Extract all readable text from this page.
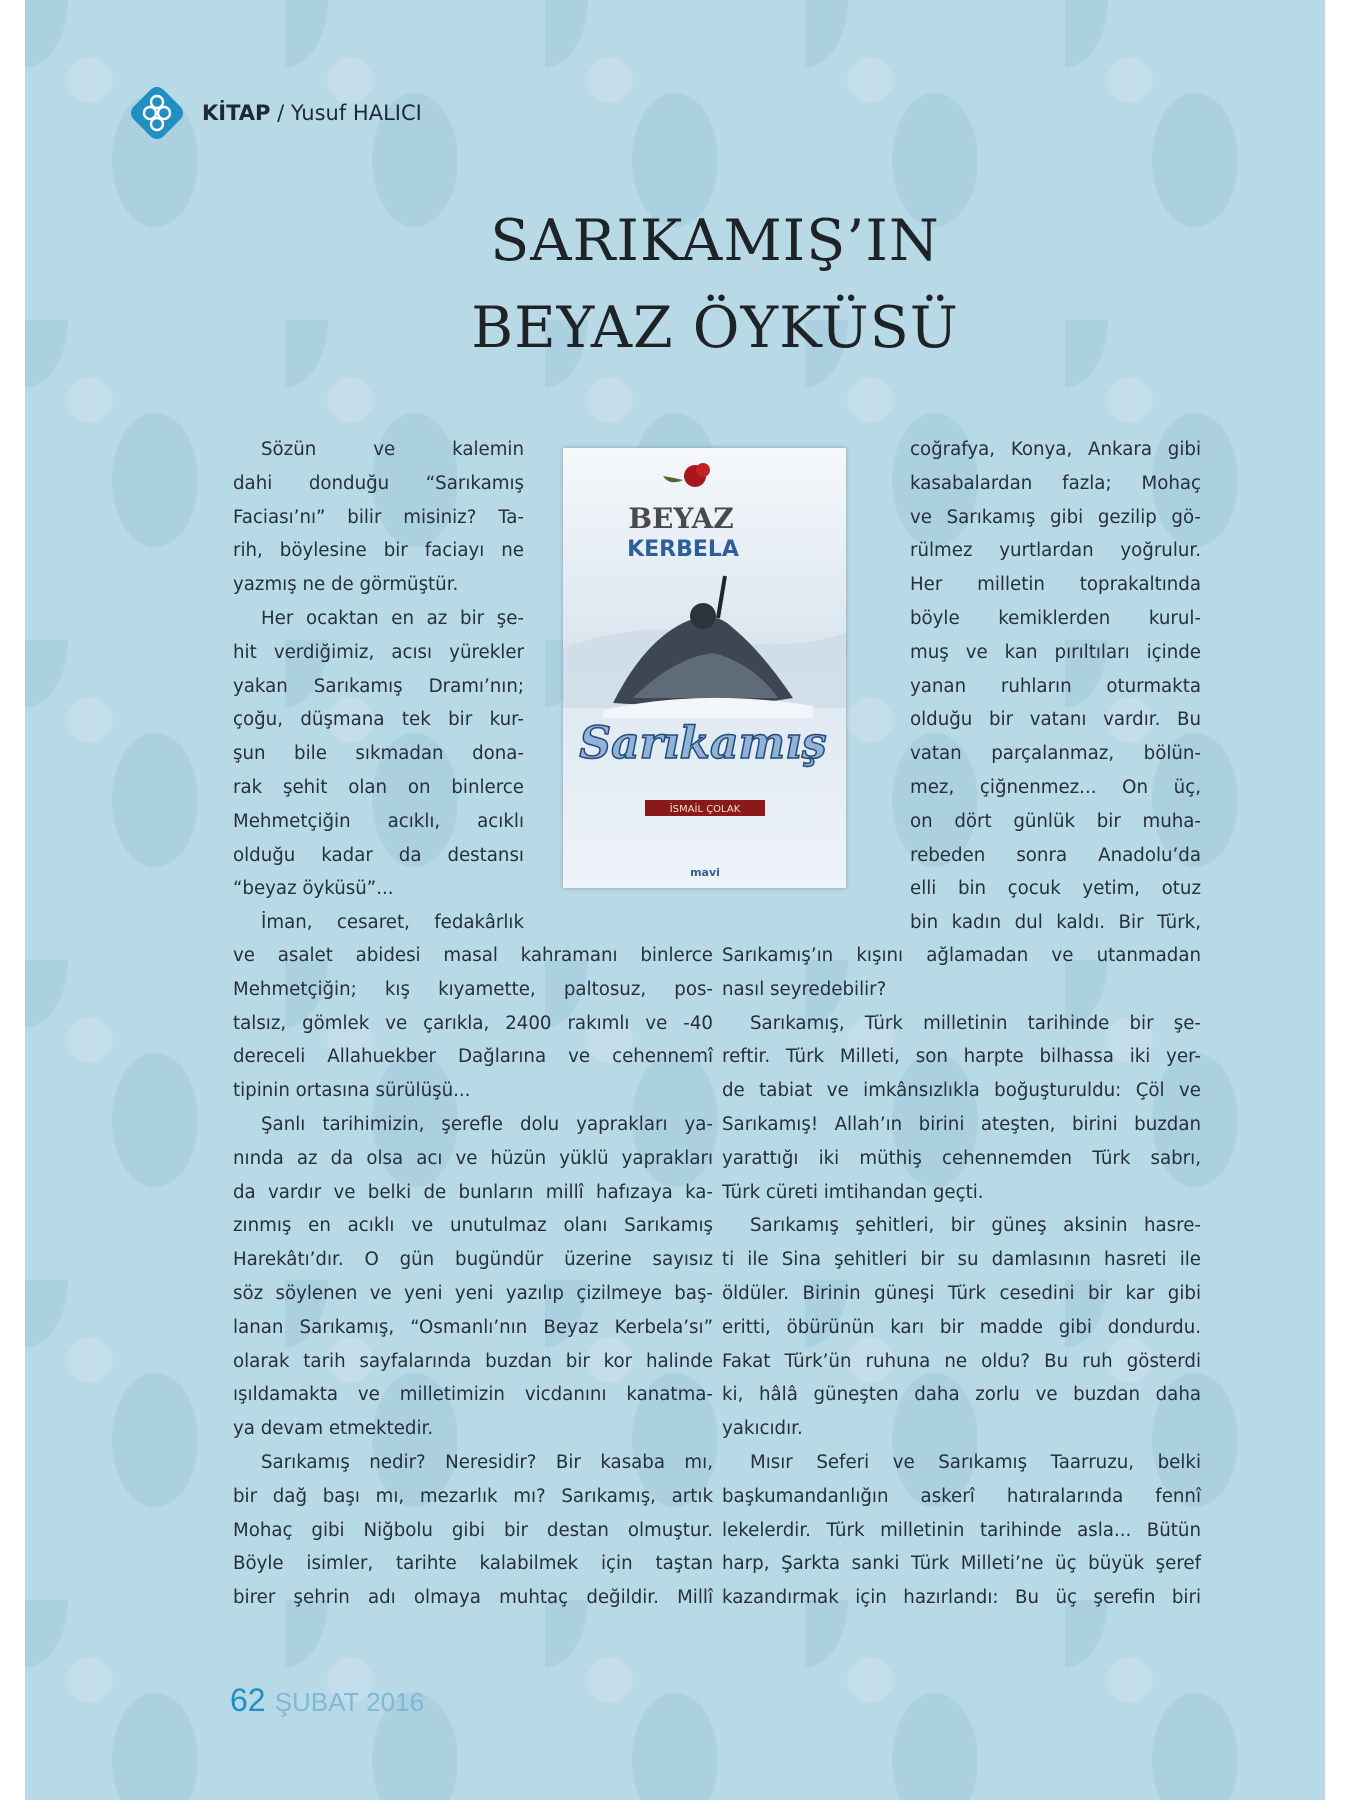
KİTAP / Yusuf HALICI
SARIKAMIŞ’IN
BEYAZ ÖYKÜSÜ
BEYAZ
KERBELA
Sarıkamış
İSMAİL ÇOLAK
mavi

Sözün ve kalemin

dahi donduğu “Sarıkamış

Faciası’nı” bilir misiniz? Ta-

rih, böylesine bir faciayı ne

yazmış ne de görmüştür.

Her ocaktan en az bir şe-

hit verdiğimiz, acısı yürekler

yakan Sarıkamış Dramı’nın;

çoğu, düşmana tek bir kur-

şun bile sıkmadan dona-

rak şehit olan on binlerce

Mehmetçiğin acıklı, acıklı

olduğu kadar da destansı

“beyaz öyküsü”...

İman, cesaret, fedakârlık

ve asalet abidesi masal kahramanı binlerce

Mehmetçiğin; kış kıyamette, paltosuz, pos-

talsız, gömlek ve çarıkla, 2400 rakımlı ve -40

dereceli Allahuekber Dağlarına ve cehennemî

tipinin ortasına sürülüşü...

Şanlı tarihimizin, şerefle dolu yaprakları ya-

nında az da olsa acı ve hüzün yüklü yaprakları

da vardır ve belki de bunların millî hafızaya ka-

zınmış en acıklı ve unutulmaz olanı Sarıkamış

Harekâtı’dır. O gün bugündür üzerine sayısız

söz söylenen ve yeni yeni yazılıp çizilmeye baş-

lanan Sarıkamış, “Osmanlı’nın Beyaz Kerbela’sı”

olarak tarih sayfalarında buzdan bir kor halinde

ışıldamakta ve milletimizin vicdanını kanatma-

ya devam etmektedir.

Sarıkamış nedir? Neresidir? Bir kasaba mı,

bir dağ başı mı, mezarlık mı? Sarıkamış, artık

Mohaç gibi Niğbolu gibi bir destan olmuştur.

Böyle isimler, tarihte kalabilmek için taştan

birer şehrin adı olmaya muhtaç değildir. Millî

coğrafya, Konya, Ankara gibi

kasabalardan fazla; Mohaç

ve Sarıkamış gibi gezilip gö-

rülmez yurtlardan yoğrulur.

Her milletin toprakaltında

böyle kemiklerden kurul-

muş ve kan pırıltıları içinde

yanan ruhların oturmakta

olduğu bir vatanı vardır. Bu

vatan parçalanmaz, bölün-

mez, çiğnenmez... On üç,

on dört günlük bir muha-

rebeden sonra Anadolu’da

elli bin çocuk yetim, otuz

bin kadın dul kaldı. Bir Türk,

Sarıkamış’ın kışını ağlamadan ve utanmadan

nasıl seyredebilir?

Sarıkamış, Türk milletinin tarihinde bir şe-

reftir. Türk Milleti, son harpte bilhassa iki yer-

de tabiat ve imkânsızlıkla boğuşturuldu: Çöl ve

Sarıkamış! Allah’ın birini ateşten, birini buzdan

yarattığı iki müthiş cehennemden Türk sabrı,

Türk cüreti imtihandan geçti.

Sarıkamış şehitleri, bir güneş aksinin hasre-

ti ile Sina şehitleri bir su damlasının hasreti ile

öldüler. Birinin güneşi Türk cesedini bir kar gibi

eritti, öbürünün karı bir madde gibi dondurdu.

Fakat Türk’ün ruhuna ne oldu? Bu ruh gösterdi

ki, hâlâ güneşten daha zorlu ve buzdan daha

yakıcıdır.

Mısır Seferi ve Sarıkamış Taarruzu, belki

başkumandanlığın askerî hatıralarında fennî

lekelerdir. Türk milletinin tarihinde asla... Bütün

harp, Şarkta sanki Türk Milleti’ne üç büyük şeref

kazandırmak için hazırlandı: Bu üç şerefin biri

62 ŞUBAT 2016
